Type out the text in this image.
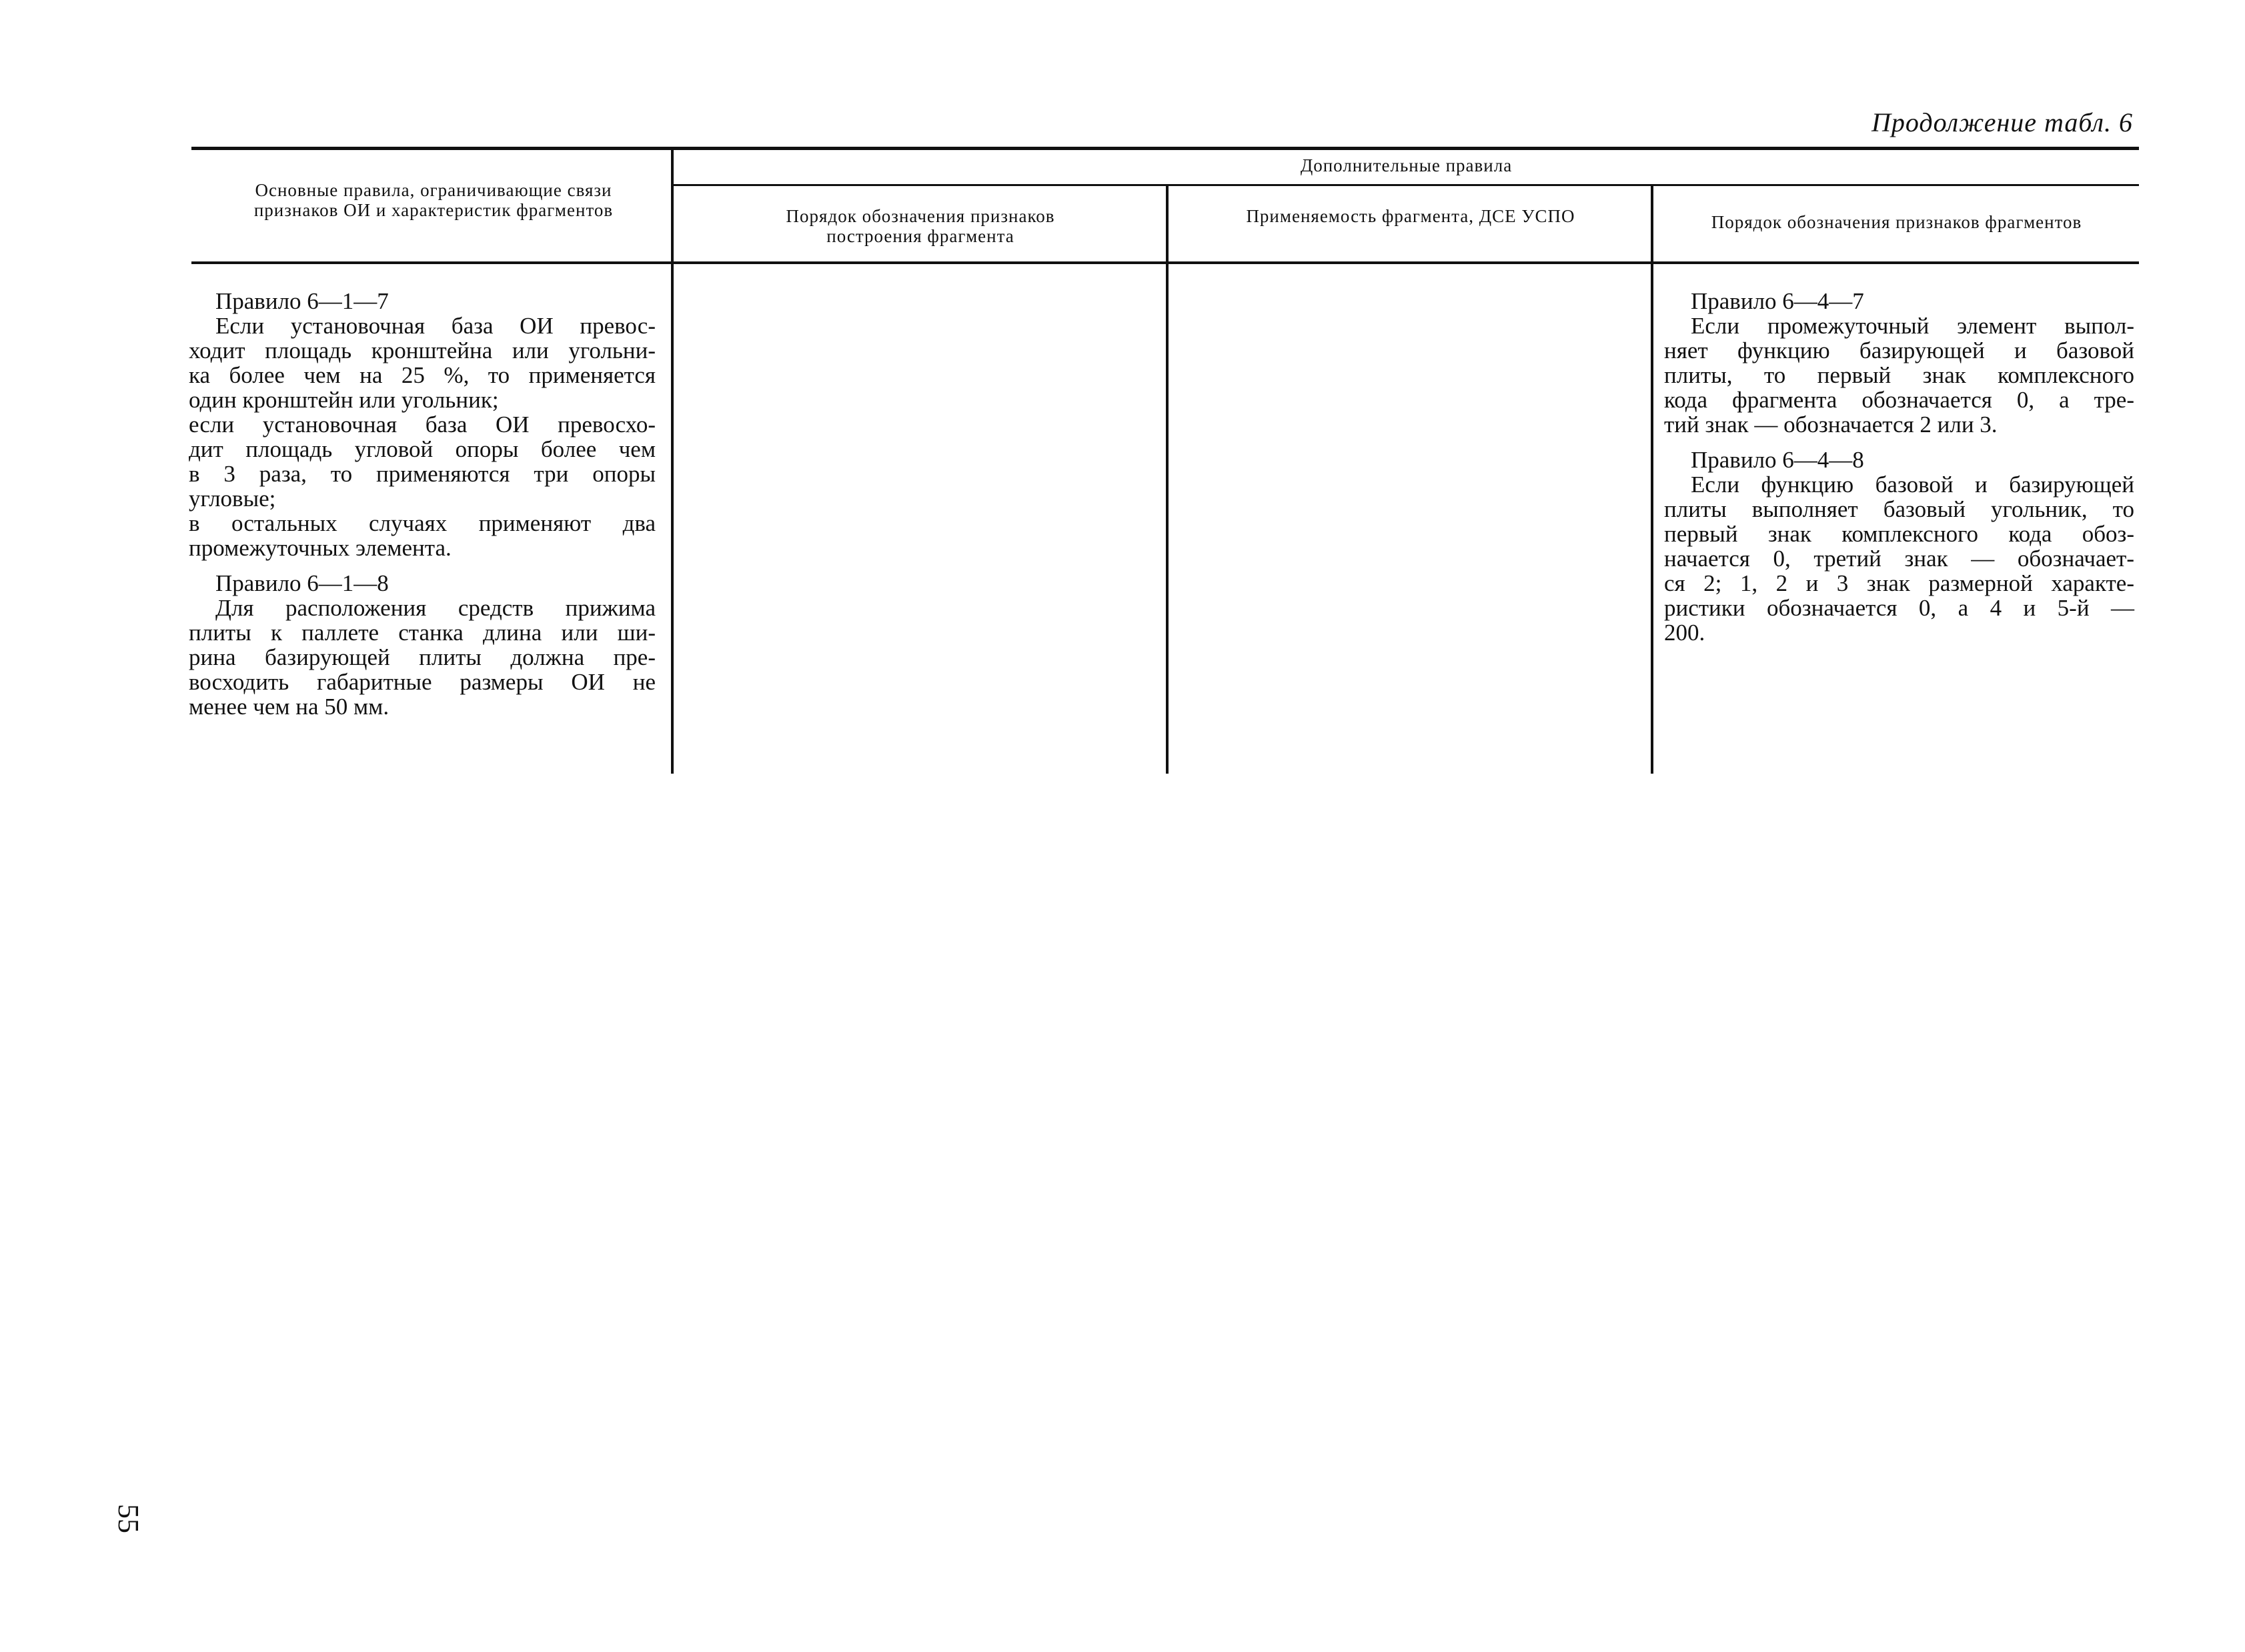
Продолжение табл. 6
Основные правила, ограничивающие связи признаков ОИ и характеристик фрагментов
Дополнительные правила
Порядок обозначения признаков построения фрагмента
Применяемость фрагмента, ДСЕ УСПО	Порядок обозначения признаков фрагментов
Правило 6—1—7
Если установочная база ОИ превос-
ходит площадь кронштейна или угольни-
ка более чем на 25 %, то применяется
один кронштейн или угольник;
если установочная база ОИ превосхо-
дит площадь угловой опоры более чем
в 3 раза, то применяются три опоры
угловые;
в остальных случаях применяют два
промежуточных элемента.
Правило 6—1—8
Для расположения средств прижима
плиты к паллете станка длина или ши-
рина базирующей плиты должна пре-
восходить габаритные размеры ОИ не
менее чем на 50 мм.
Правило 6—4—7
Если промежуточный элемент выпол-
няет функцию базирующей и базовой
плиты, то первый знак комплексного
кода фрагмента обозначается 0, а тре-
тий знак — обозначается 2 или 3.
Правило 6—4—8
Если функцию базовой и базирующей
плиты выполняет базовый угольник, то
первый знак комплексного кода обоз-
начается 0, третий знак — обозначает-
ся 2; 1, 2 и 3 знак размерной характе-
ристики обозначается 0, а 4 и 5-й —
200.
55
